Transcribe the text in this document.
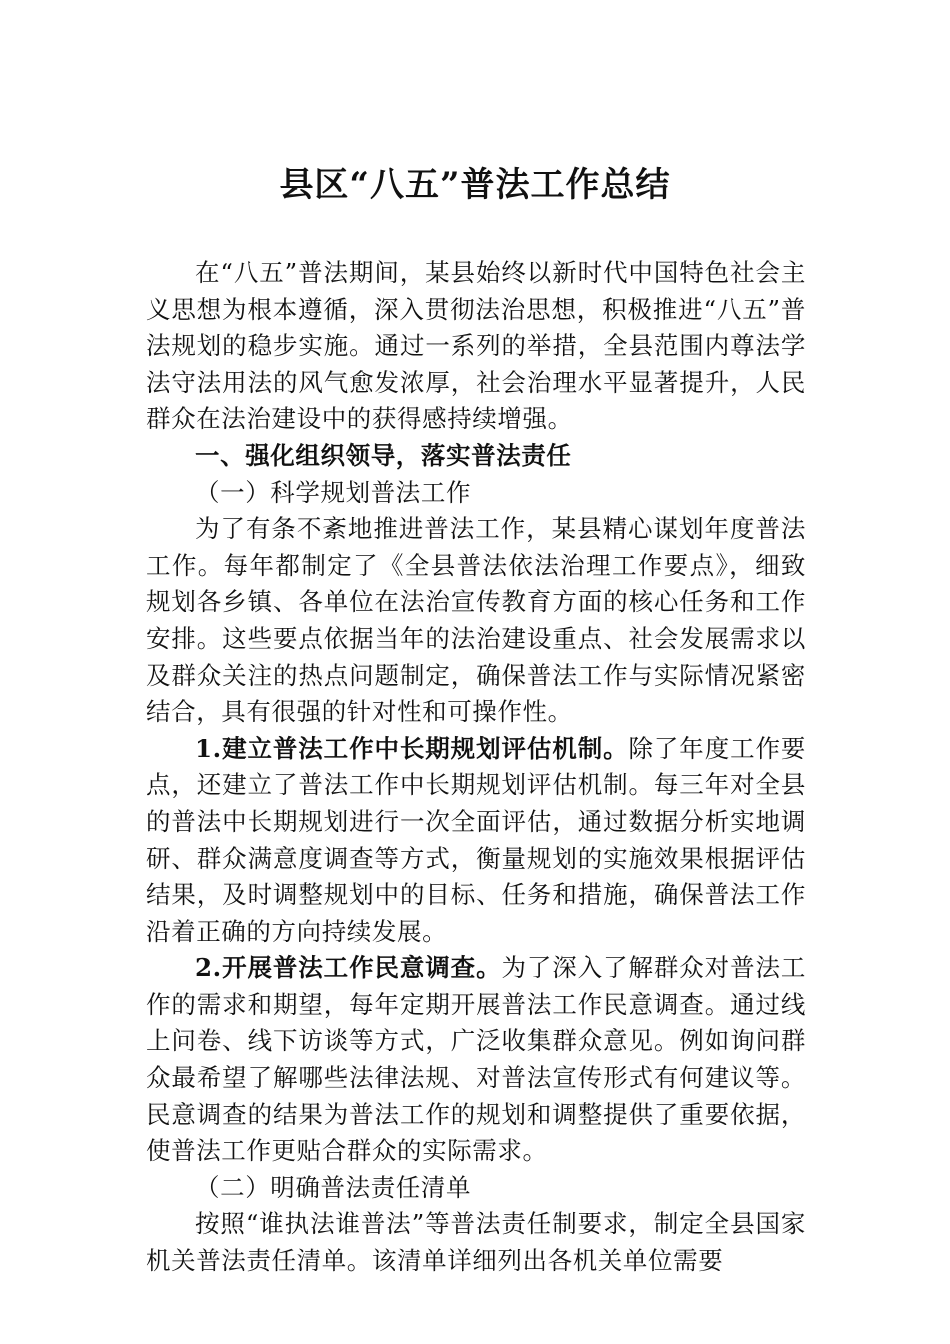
县区“八五”普法工作总结

在“八五”普法期间，某县始终以新时代中国特色社会主义思想为根本遵循，深入贯彻法治思想，积极推进“八五”普法规划的稳步实施。通过一系列的举措，全县范围内尊法学法守法用法的风气愈发浓厚，社会治理水平显著提升，人民群众在法治建设中的获得感持续增强。

一、强化组织领导，落实普法责任

（一）科学规划普法工作

为了有条不紊地推进普法工作，某县精心谋划年度普法工作。每年都制定了《全县普法依法治理工作要点》，细致规划各乡镇、各单位在法治宣传教育方面的核心任务和工作安排。这些要点依据当年的法治建设重点、社会发展需求以及群众关注的热点问题制定，确保普法工作与实际情况紧密结合，具有很强的针对性和可操作性。

1.建立普法工作中长期规划评估机制。除了年度工作要点，还建立了普法工作中长期规划评估机制。每三年对全县的普法中长期规划进行一次全面评估，通过数据分析实地调研、群众满意度调查等方式，衡量规划的实施效果根据评估结果，及时调整规划中的目标、任务和措施，确保普法工作沿着正确的方向持续发展。

2.开展普法工作民意调查。为了深入了解群众对普法工作的需求和期望，每年定期开展普法工作民意调查。通过线上问卷、线下访谈等方式，广泛收集群众意见。例如询问群众最希望了解哪些法律法规、对普法宣传形式有何建议等。民意调查的结果为普法工作的规划和调整提供了重要依据，使普法工作更贴合群众的实际需求。

（二）明确普法责任清单

按照“谁执法谁普法”等普法责任制要求，制定全县国家机关普法责任清单。该清单详细列出各机关单位需要
